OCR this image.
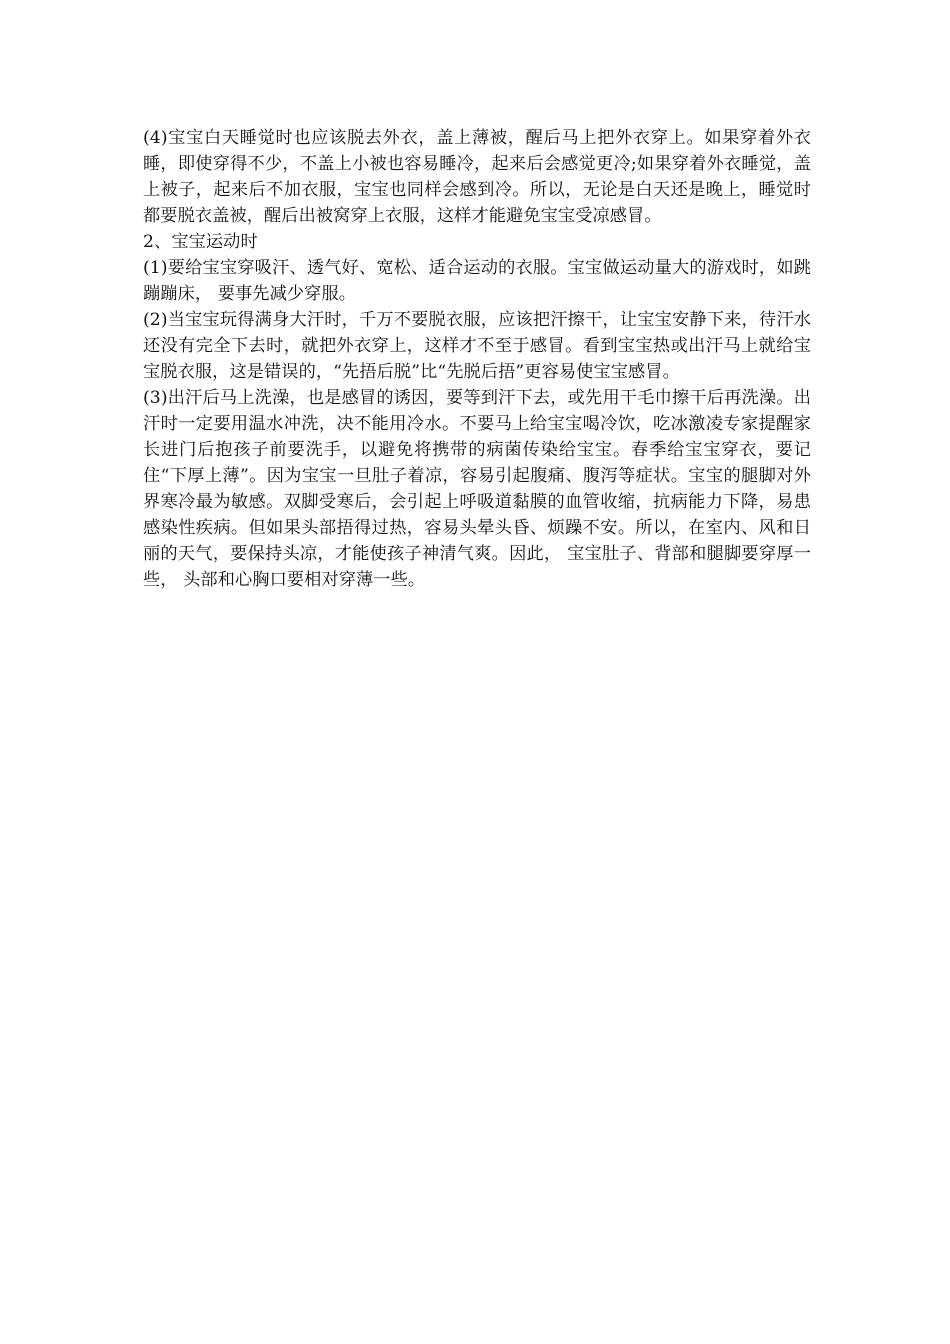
(4)宝宝白天睡觉时也应该脱去外衣，盖上薄被，醒后马上把外衣穿上。如果穿着外衣睡，即使穿得不少，不盖上小被也容易睡冷，起来后会感觉更冷;如果穿着外衣睡觉，盖上被子，起来后不加衣服，宝宝也同样会感到冷。所以，无论是白天还是晚上，睡觉时都要脱衣盖被，醒后出被窝穿上衣服，这样才能避免宝宝受凉感冒。

2、宝宝运动时

(1)要给宝宝穿吸汗、透气好、宽松、适合运动的衣服。宝宝做运动量大的游戏时，如跳蹦蹦床， 要事先减少穿服。

(2)当宝宝玩得满身大汗时，千万不要脱衣服，应该把汗擦干，让宝宝安静下来，待汗水还没有完全下去时，就把外衣穿上，这样才不至于感冒。看到宝宝热或出汗马上就给宝宝脱衣服，这是错误的，“先捂后脱”比“先脱后捂”更容易使宝宝感冒。

(3)出汗后马上洗澡，也是感冒的诱因，要等到汗下去，或先用干毛巾擦干后再洗澡。出汗时一定要用温水冲洗，决不能用冷水。不要马上给宝宝喝冷饮，吃冰激凌专家提醒家长进门后抱孩子前要洗手，以避免将携带的病菌传染给宝宝。春季给宝宝穿衣，要记住“下厚上薄”。因为宝宝一旦肚子着凉，容易引起腹痛、腹泻等症状。宝宝的腿脚对外界寒冷最为敏感。双脚受寒后，会引起上呼吸道黏膜的血管收缩，抗病能力下降，易患感染性疾病。但如果头部捂得过热，容易头晕头昏、烦躁不安。所以，在室内、风和日丽的天气，要保持头凉，才能使孩子神清气爽。因此， 宝宝肚子、背部和腿脚要穿厚一些， 头部和心胸口要相对穿薄一些。
